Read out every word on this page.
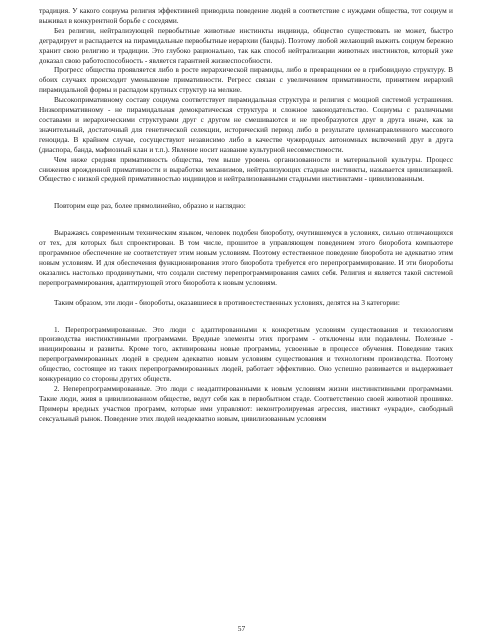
традиция. У какого социума религия эффективней приводила поведение людей в соответствие с нуждами общества, тот социум и выживал в конкурентной борьбе с соседями.

Без религии, нейтрализующей первобытные животные инстинкты индивида, общество существовать не может, быстро деградирует и распадается на пирамидальные первобытные иерархии (банды). Поэтому любой желающий выжить социум бережно хранит свою религию и традиции. Это глубоко рационально, так как способ нейтрализации животных инстинктов, который уже доказал свою работоспособность - является гарантией жизнеспособности.

Прогресс общества проявляется либо в росте иерархической пирамиды, либо в превращении ее в грибовидную структуру. В обоих случаях происходит уменьшение примативности. Регресс связан с увеличением примативности, принятием иерархий пирамидальной формы и распадом крупных структур на мелкие.

Высокопримативному составу социума соответствует пирамидальная структура и религия с мощной системой устрашения. Низкопримативному - не пирамидальная демократическая структура и сложное законодательство. Социумы с различными составами и иерархическими структурами друг с другом не смешиваются и не преобразуются друг в друга иначе, как за значительный, достаточный для генетической селекции, исторический период либо в результате целенаправленного массового геноцида. В крайнем случае, сосуществуют независимо либо в качестве чужеродных автономных включений друг в друга (диаспора, банда, мафиозный клан и т.п.). Явление носит название культурной несовместимости.

Чем ниже средняя примативность общества, тем выше уровень организованности и материальной культуры. Процесс снижения врожденной примативности и выработки механизмов, нейтрализующих стадные инстинкты, называется цивилизацией. Общество с низкой средней примативностью индивидов и нейтрализованными стадными инстинктами - цивилизованным.

Повторим еще раз, более прямолинейно, образно и наглядно:

Выражаясь современным техническим языком, человек подобен биороботу, очутившемуся в условиях, сильно отличающихся от тех, для которых был спроектирован. В том числе, прошитое в управляющем поведением этого биоробота компьютере программное обеспечение не соответствует этим новым условиям. Поэтому естественное поведение биоробота не адекватно этим новым условиям. И для обеспечения функционирования этого биоробота требуется его перепрограммирование. И эти биороботы оказались настолько продвинутыми, что создали систему перепрограммирования самих себя. Религия и является такой системой перепрограммирования, адаптирующей этого биоробота к новым условиям.

Таким образом, эти люди - биороботы, оказавшиеся в противоестественных условиях, делятся на 3 категории:

1. Перепрограммированные. Это люди с адаптированными к конкретным условиям существования и технологиям производства инстинктивными программами. Вредные элементы этих программ - отключены или подавлены. Полезные - инициированы и развиты. Кроме того, активированы новые программы, усвоенные в процессе обучения. Поведение таких перепрограммированных людей в среднем адекватно новым условиям существования и технологиям производства. Поэтому общество, состоящее из таких перепрограммированных людей, работает эффективно. Оно успешно развивается и выдерживает конкуренцию со стороны других обществ.

2. Неперепрограммированные. Это люди с неадаптированными к новым условиям жизни инстинктивными программами. Такие люди, живя в цивилизованном обществе, ведут себя как в первобытном стаде. Соответственно своей животной прошивке. Примеры вредных участков программ, которые ими управляют: неконтролируемая агрессия, инстинкт «укради», свободный сексуальный рынок. Поведение этих людей неадекватно новым, цивилизованным условиям

57
